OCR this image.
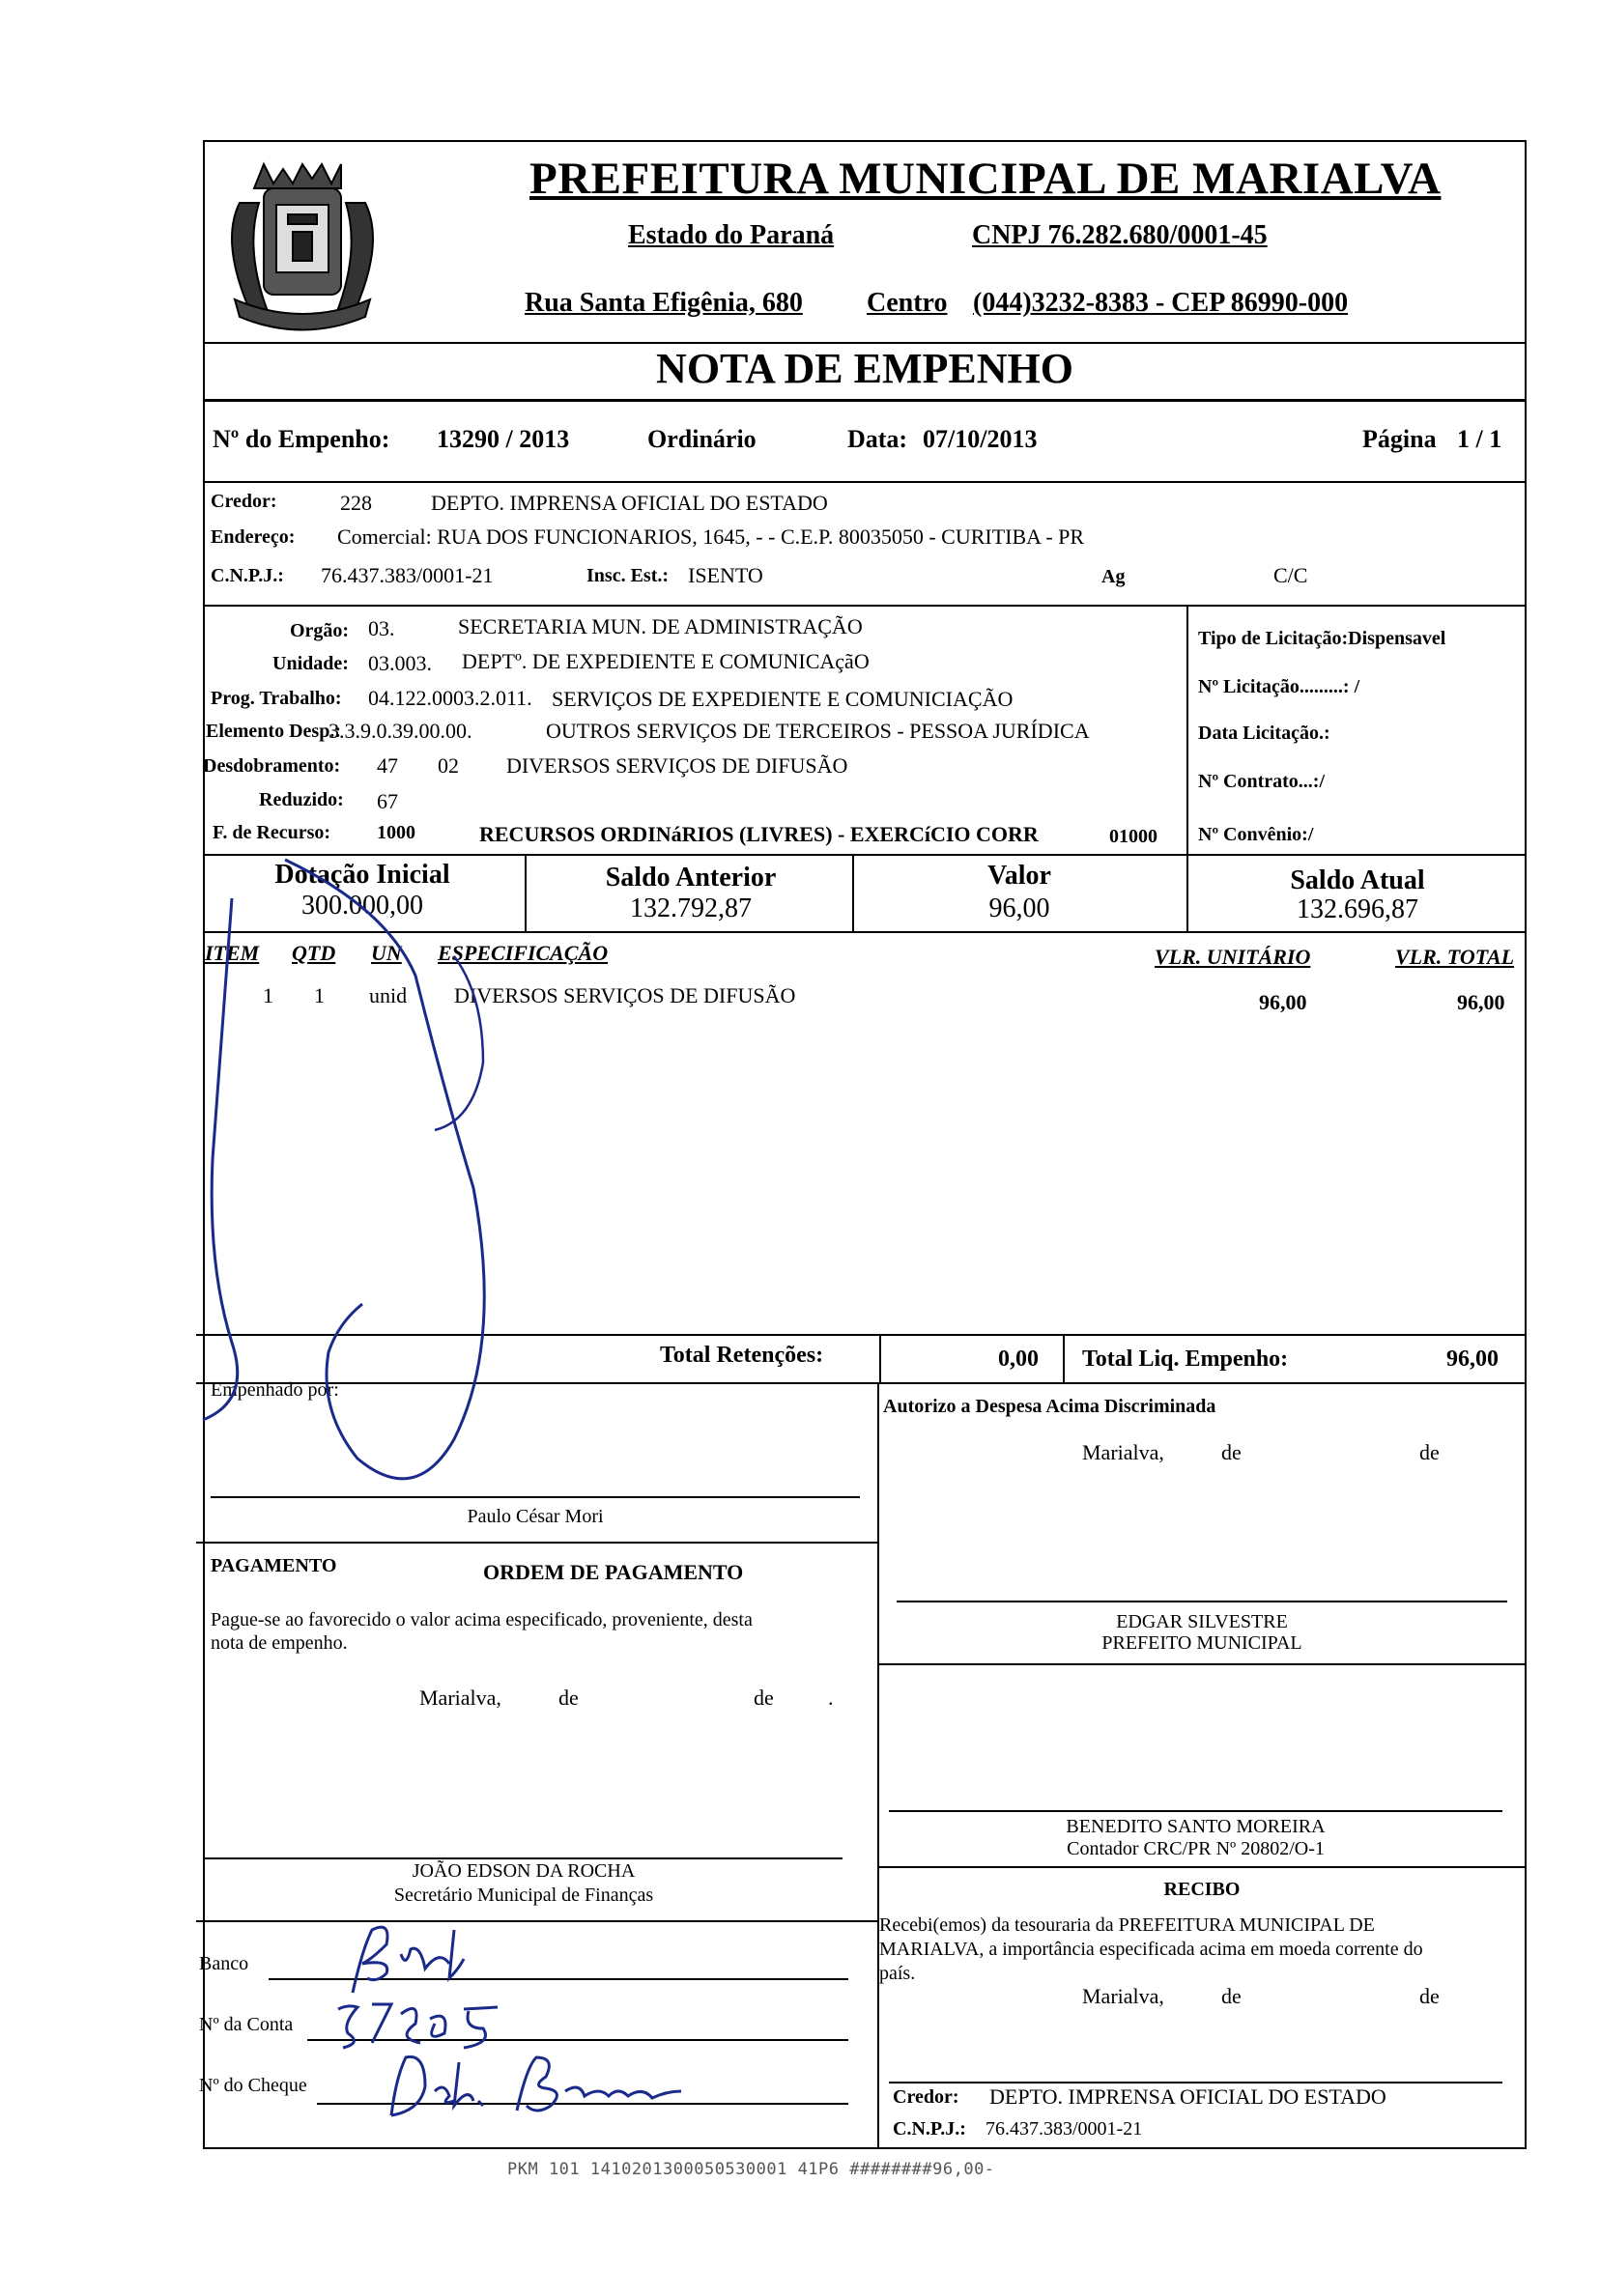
PREFEITURA MUNICIPAL DE MARIALVA
Estado do Paraná	CNPJ 76.282.680/0001-45
Rua Santa Efigênia, 680 Centro (044)3232-8383 - CEP 86990-000
NOTA DE EMPENHO
Nº do Empenho: 13290 / 2013	Ordinário	Data: 07/10/2013	Página 1 / 1
Credor:	228	DEPTO. IMPRENSA OFICIAL DO ESTADO
Endereço: Comercial: RUA DOS FUNCIONARIOS, 1645, - - C.E.P. 80035050 - CURITIBA - PR
C.N.P.J.: 76.437.383/0001-21	Insc. Est.: ISENTO	Ag	C/C
Orgão: 03.	SECRETARIA MUN. DE ADMINISTRAÇÃO
Unidade: 03.003. DEPTº. DE EXPEDIENTE E COMUNICAçãO
Prog. Trabalho: 04.122.0003.2.011. SERVIÇOS DE EXPEDIENTE E COMUNICIAÇÃO
Elemento Desp.:
3.3.9.0.39.00.00.	OUTROS SERVIÇOS DE TERCEIROS - PESSOA JURÍDICA
Desdobramento: 47 02 DIVERSOS SERVIÇOS DE DIFUSÃO
Reduzido: 67
F. de Recurso: 1000	RECURSOS ORDINáRIOS (LIVRES) - EXERCíCIO CORR	01000
Tipo de Licitação:Dispensavel
Nº Licitação.........: /
Data Licitação.:
Nº Contrato...:/
Nº Convênio:/
Dotação Inicial
300.000,00
Saldo Anterior
132.792,87
Valor
96,00
Saldo Atual
132.696,87
ITEM QTD UN ESPECIFICAÇÃO	VLR. UNITÁRIO	VLR. TOTAL
1 1 unid DIVERSOS SERVIÇOS DE DIFUSÃO	96,00	96,00
Total Retenções:	0,00 Total Liq. Empenho:	96,00
Empenhado por:
Paulo César Mori
PAGAMENTO	ORDEM DE PAGAMENTO
Pague-se ao favorecido o valor acima especificado, proveniente, desta
nota de empenho.
Marialva,	de	de	.
JOÃO EDSON DA ROCHA
Secretário Municipal de Finanças
Banco
Nº da Conta
Nº do Cheque
Autorizo a Despesa Acima Discriminada
Marialva,	de	de
EDGAR SILVESTRE
PREFEITO MUNICIPAL
BENEDITO SANTO MOREIRA
Contador CRC/PR Nº 20802/O-1
RECIBO
Recebi(emos) da tesouraria da PREFEITURA MUNICIPAL DE
MARIALVA, a importância especificada acima em moeda corrente do
país.
Marialva,	de	de
Credor: DEPTO. IMPRENSA OFICIAL DO ESTADO
C.N.P.J.: 76.437.383/0001-21
PKM 101 1410201300050530001 41P6 ########96,00-
